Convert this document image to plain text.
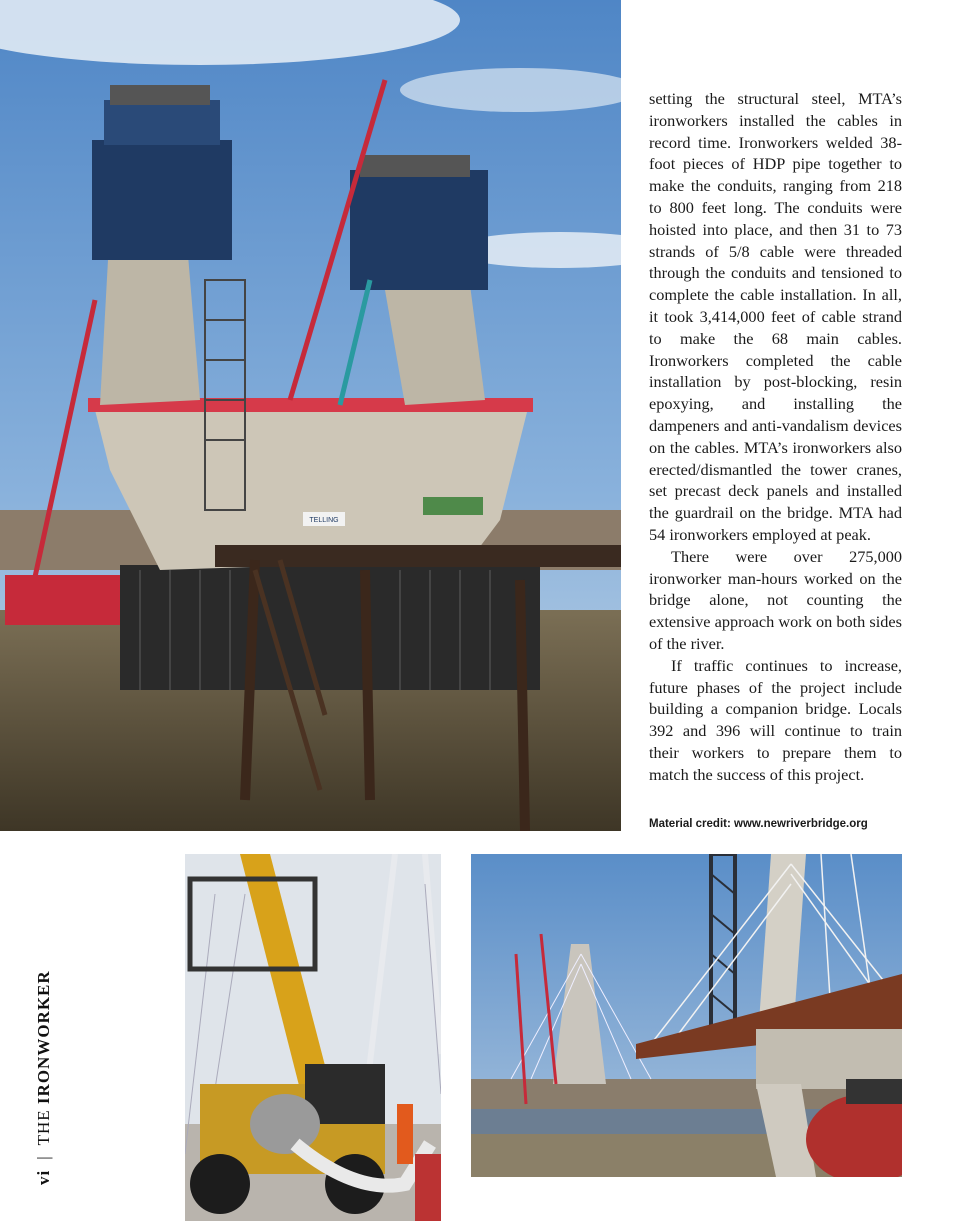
TELLING

setting the structural steel, MTA’s ironworkers installed the cables in record time. Ironworkers welded 38-foot pieces of HDP pipe together to make the conduits, ranging from 218 to 800 feet long. The conduits were hoisted into place, and then 31 to 73 strands of 5/8 cable were threaded through the conduits and tensioned to complete the cable installation. In all, it took 3,414,000 feet of cable strand to make the 68 main cables. Ironworkers completed the cable installation by post-blocking, resin epoxying, and installing the dampeners and anti-vandalism devices on the cables. MTA’s ironworkers also erected/dismantled the tower cranes, set precast deck panels and installed the guardrail on the bridge. MTA had 54 ironworkers employed at peak.

There were over 275,000 ironworker man-hours worked on the bridge alone, not counting the extensive approach work on both sides of the river.

If traffic continues to increase, future phases of the project include building a companion bridge. Locals 392 and 396 will continue to train their workers to prepare them to match the success of this project.

Material credit: www.newriverbridge.org
vi|THE IRONWORKER
